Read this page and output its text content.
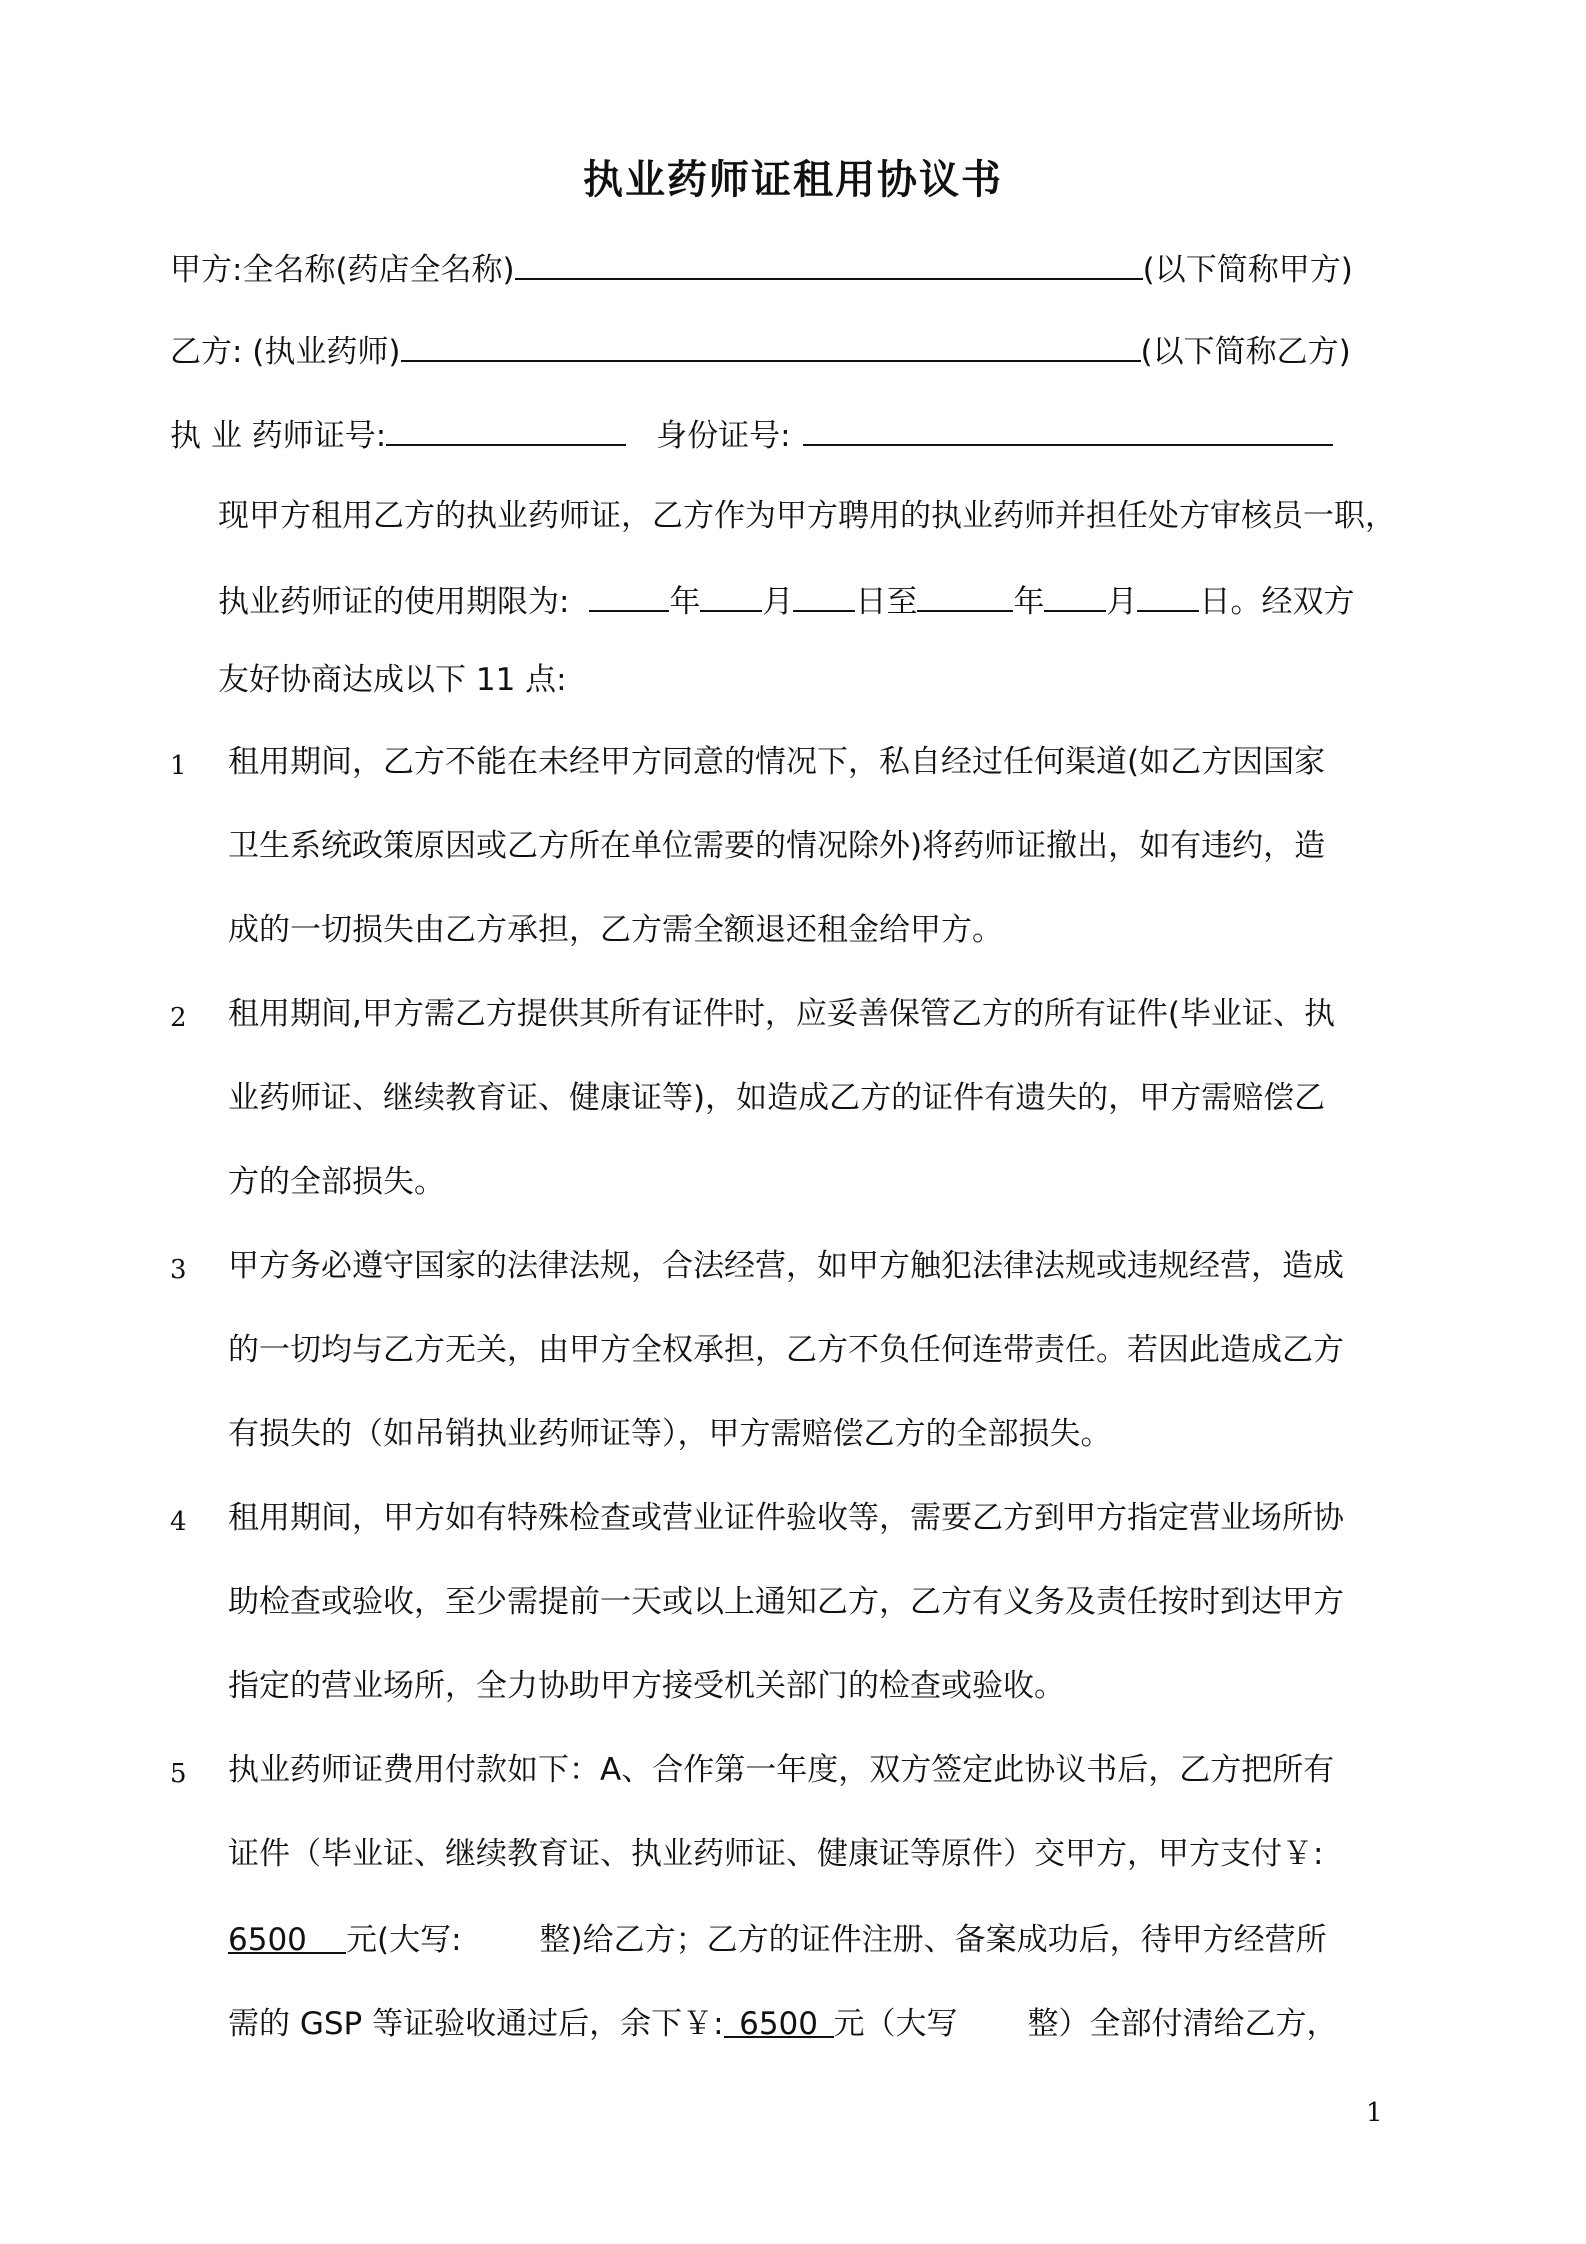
执业药师证租用协议书
甲方:全名称(药店全名称)	(以下简称甲方)
乙方: (执业药师)	(以下简称乙方)
执 业 药师证号:	身份证号:
现甲方租用乙方的执业药师证，乙方作为甲方聘用的执业药师并担任处方审核员一职，
执业药师证的使用期限为:	年 月 日至	年 月 日。经双方
友好协商达成以下 11 点:
1 租用期间，乙方不能在未经甲方同意的情况下，私自经过任何渠道(如乙方因国家
卫生系统政策原因或乙方所在单位需要的情况除外)将药师证撤出，如有违约，造
成的一切损失由乙方承担，乙方需全额退还租金给甲方。
2 租用期间,甲方需乙方提供其所有证件时，应妥善保管乙方的所有证件(毕业证、执
业药师证、继续教育证、健康证等)，如造成乙方的证件有遗失的，甲方需赔偿乙
方的全部损失。
3 甲方务必遵守国家的法律法规，合法经营，如甲方触犯法律法规或违规经营，造成
的一切均与乙方无关，由甲方全权承担，乙方不负任何连带责任。若因此造成乙方
有损失的（如吊销执业药师证等），甲方需赔偿乙方的全部损失。
4 租用期间，甲方如有特殊检查或营业证件验收等，需要乙方到甲方指定营业场所协
助检查或验收，至少需提前一天或以上通知乙方，乙方有义务及责任按时到达甲方
指定的营业场所，全力协助甲方接受机关部门的检查或验收。
5 执业药师证费用付款如下：A、合作第一年度，双方签定此协议书后，乙方把所有
证件（毕业证、继续教育证、执业药师证、健康证等原件）交甲方，甲方支付￥:
6500 元(大写:	整)给乙方；乙方的证件注册、备案成功后，待甲方经营所
需的 GSP 等证验收通过后，余下￥: 6500 元（大写 整）全部付清给乙方，
1
